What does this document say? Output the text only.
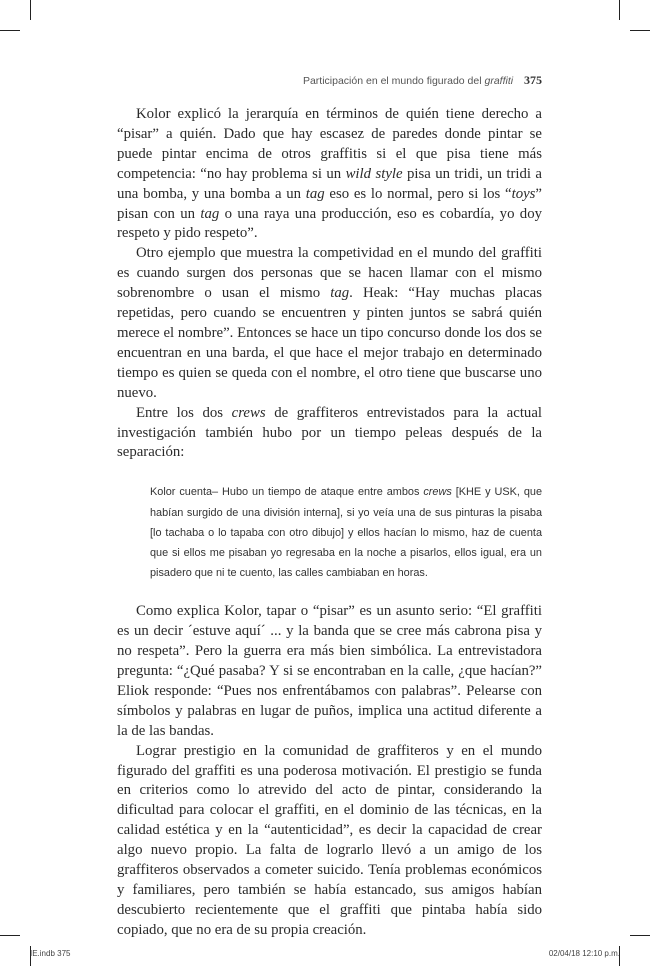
Participación en el mundo figurado del graffiti 375

Kolor explicó la jerarquía en términos de quién tiene derecho a “pisar” a quién. Dado que hay escasez de paredes donde pintar se puede pintar encima de otros graffitis si el que pisa tiene más competencia: “no hay problema si un wild style pisa un tridi, un tridi a una bomba, y una bomba a un tag eso es lo normal, pero si los “toys” pisan con un tag o una raya una producción, eso es cobardía, yo doy respeto y pido respeto”.

Otro ejemplo que muestra la competividad en el mundo del graffiti es cuando surgen dos personas que se hacen llamar con el mismo sobrenombre o usan el mismo tag. Heak: “Hay muchas placas repetidas, pero cuando se encuentren y pinten juntos se sabrá quién merece el nombre”. Entonces se hace un tipo concurso donde los dos se encuentran en una barda, el que hace el mejor trabajo en determinado tiempo es quien se queda con el nombre, el otro tiene que buscarse uno nuevo.

Entre los dos crews de graffiteros entrevistados para la actual investigación también hubo por un tiempo peleas después de la separación:

Kolor cuenta– Hubo un tiempo de ataque entre ambos crews [KHE y USK, que habían surgido de una división interna], si yo veía una de sus pinturas la pisaba [lo tachaba o lo tapaba con otro dibujo] y ellos hacían lo mismo, haz de cuenta que si ellos me pisaban yo regresaba en la noche a pisarlos, ellos igual, era un pisadero que ni te cuento, las calles cambiaban en horas.

Como explica Kolor, tapar o “pisar” es un asunto serio: “El graffiti es un decir ´estuve aquí´ ... y la banda que se cree más cabrona pisa y no respeta”. Pero la guerra era más bien simbólica. La entrevistadora pregunta: “¿Qué pasaba? Y si se encontraban en la calle, ¿que hacían?” Eliok responde: “Pues nos enfrentábamos con palabras”. Pelearse con símbolos y palabras en lugar de puños, implica una actitud diferente a la de las bandas.

Lograr prestigio en la comunidad de graffiteros y en el mundo figurado del graffiti es una poderosa motivación. El prestigio se funda en criterios como lo atrevido del acto de pintar, considerando la dificultad para colocar el graffiti, en el dominio de las técnicas, en la calidad estética y en la “autenticidad”, es decir la capacidad de crear algo nuevo propio. La falta de lograrlo llevó a un amigo de los graffiteros observados a cometer suicido. Tenía problemas económicos y familiares, pero también se había estancado, sus amigos habían descubierto recientemente que el graffiti que pintaba había sido copiado, que no era de su propia creación.

IE.indb 375	02/04/18 12:10 p.m.
